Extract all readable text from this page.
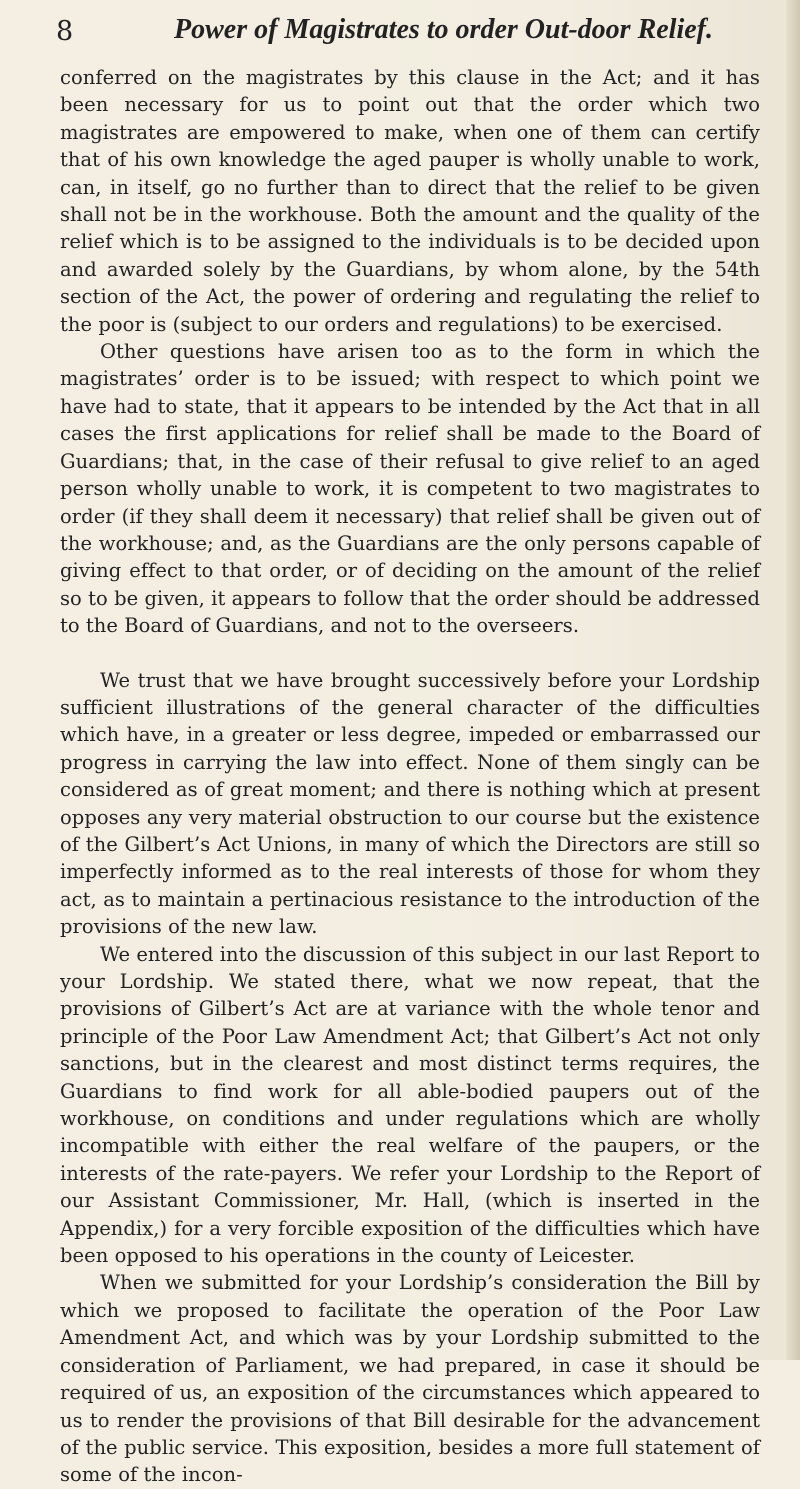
8	Power of Magistrates to order Out-door Relief.

conferred on the magistrates by this clause in the Act; and it has been necessary for us to point out that the order which two magistrates are empowered to make, when one of them can certify that of his own knowledge the aged pauper is wholly unable to work, can, in itself, go no further than to direct that the relief to be given shall not be in the workhouse. Both the amount and the quality of the relief which is to be assigned to the individuals is to be decided upon and awarded solely by the Guardians, by whom alone, by the 54th section of the Act, the power of ordering and regulating the relief to the poor is (subject to our orders and regulations) to be exercised.

Other questions have arisen too as to the form in which the magistrates’ order is to be issued; with respect to which point we have had to state, that it appears to be intended by the Act that in all cases the first applications for relief shall be made to the Board of Guardians; that, in the case of their refusal to give relief to an aged person wholly unable to work, it is competent to two magistrates to order (if they shall deem it necessary) that relief shall be given out of the workhouse; and, as the Guardians are the only persons capable of giving effect to that order, or of deciding on the amount of the relief so to be given, it appears to follow that the order should be addressed to the Board of Guardians, and not to the overseers.

We trust that we have brought successively before your Lordship sufficient illustrations of the general character of the difficulties which have, in a greater or less degree, impeded or embarrassed our progress in carrying the law into effect. None of them singly can be considered as of great moment; and there is nothing which at present opposes any very material obstruction to our course but the existence of the Gilbert’s Act Unions, in many of which the Directors are still so imperfectly informed as to the real interests of those for whom they act, as to maintain a pertinacious resistance to the introduction of the provisions of the new law.

We entered into the discussion of this subject in our last Report to your Lordship. We stated there, what we now repeat, that the provisions of Gilbert’s Act are at variance with the whole tenor and principle of the Poor Law Amendment Act; that Gilbert’s Act not only sanctions, but in the clearest and most distinct terms requires, the Guardians to find work for all able-bodied paupers out of the workhouse, on conditions and under regulations which are wholly incompatible with either the real welfare of the paupers, or the interests of the rate-payers. We refer your Lordship to the Report of our Assistant Commissioner, Mr. Hall, (which is inserted in the Appendix,) for a very forcible exposition of the difficulties which have been opposed to his operations in the county of Leicester.

When we submitted for your Lordship’s consideration the Bill by which we proposed to facilitate the operation of the Poor Law Amendment Act, and which was by your Lordship submitted to the consideration of Parliament, we had prepared, in case it should be required of us, an exposition of the circumstances which appeared to us to render the provisions of that Bill desirable for the advancement of the public service. This exposition, besides a more full statement of some of the incon-
